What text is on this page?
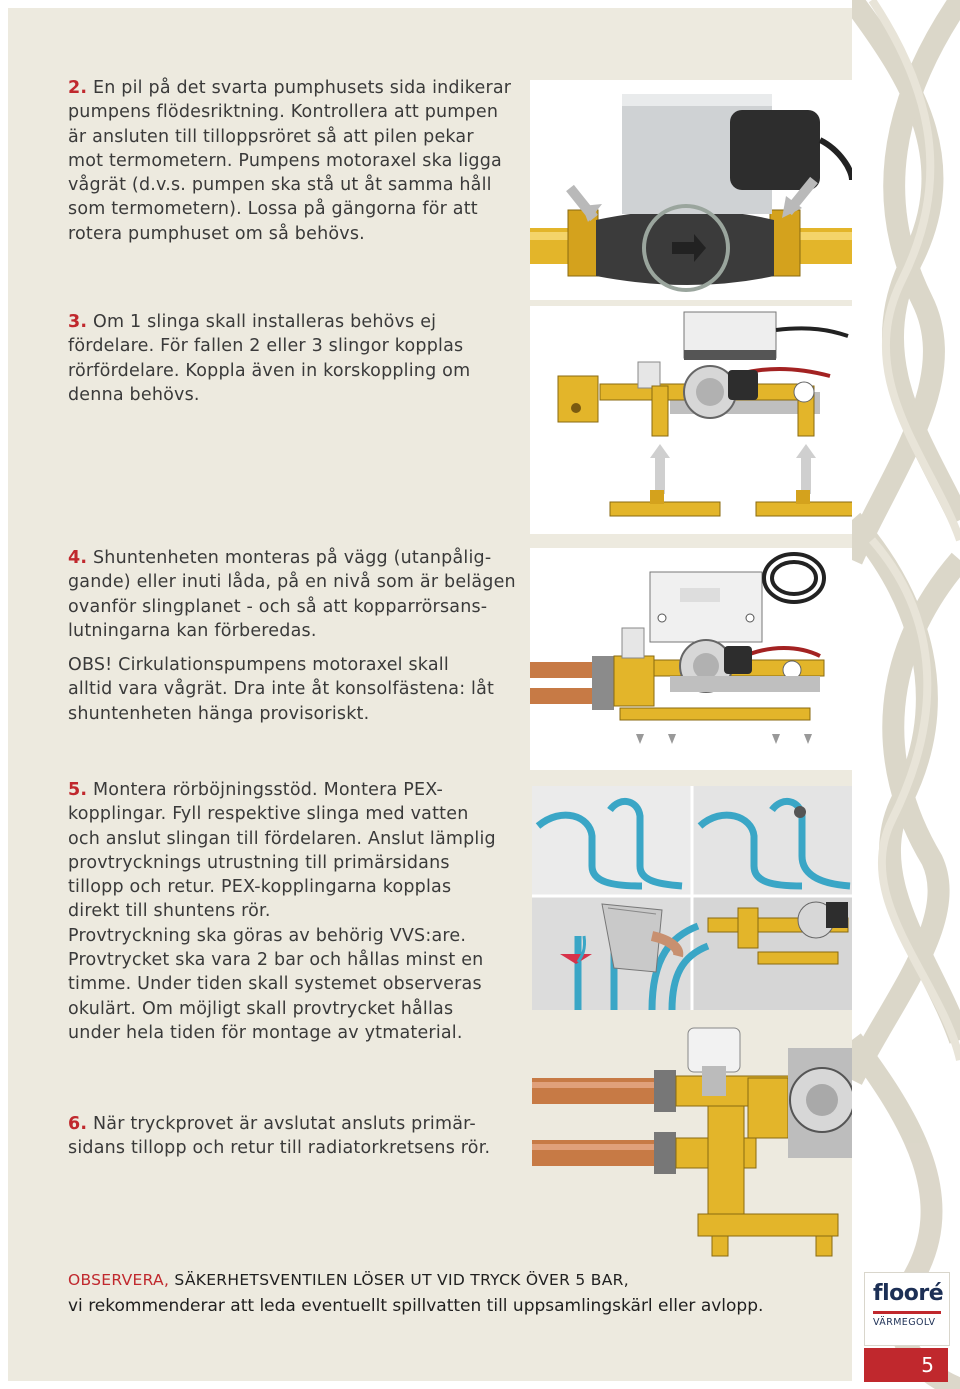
2. En pil på det svarta pumphusets sida indikerar
pumpens flödesriktning. Kontrollera att pumpen
är ansluten till tilloppsröret så att pilen pekar
mot termometern. Pumpens motoraxel ska ligga
vågrät (d.v.s. pumpen ska stå ut åt samma håll
som termometern). Lossa på gängorna för att
rotera pumphuset om så behövs.
3. Om 1 slinga skall installeras behövs ej
fördelare. För fallen 2 eller 3 slingor kopplas
rörfördelare. Koppla även in korskoppling om
denna behövs.
4. Shuntenheten monteras på vägg (utanpålig-
gande) eller inuti låda, på en nivå som är belägen
ovanför slingplanet - och så att kopparrörsans-
lutningarna kan förberedas.
OBS! Cirkulationspumpens motoraxel skall
alltid vara vågrät. Dra inte åt konsolfästena: låt
shuntenheten hänga provisoriskt.
5. Montera rörböjningsstöd. Montera PEX-
kopplingar. Fyll respektive slinga med vatten
och anslut slingan till fördelaren. Anslut lämplig
provtrycknings utrustning till primärsidans
tillopp och retur. PEX-kopplingarna kopplas
direkt till shuntens rör.
Provtryckning ska göras av behörig VVS:are.
Provtrycket ska vara 2 bar och hållas minst en
timme. Under tiden skall systemet observeras
okulärt. Om möjligt skall provtrycket hållas
under hela tiden för montage av ytmaterial.
6. När tryckprovet är avslutat ansluts primär-
sidans tillopp och retur till radiatorkretsens rör.
OBSERVERA, SÄKERHETSVENTILEN LÖSER UT VID TRYCK ÖVER 5 BAR,
vi rekommenderar att leda eventuellt spillvatten till uppsamlingskärl eller avlopp.	flooré
VÄRMEGOLV
5
